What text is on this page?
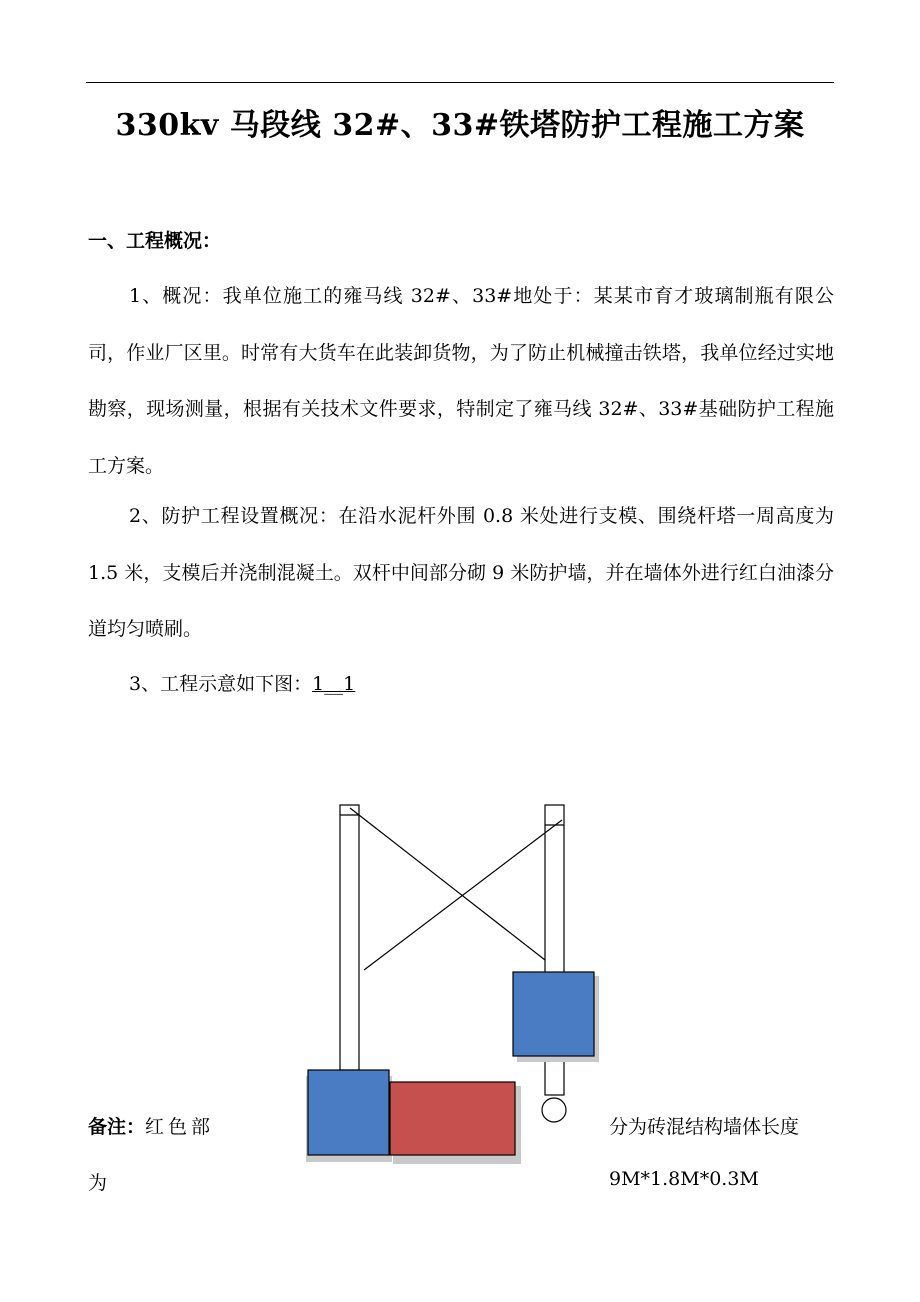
330kv 马段线 32#、33#铁塔防护工程施工方案
一、工程概况：

1、概况：我单位施工的雍马线 32#、33#地处于：某某市育才玻璃制瓶有限公司，作业厂区里。时常有大货车在此装卸货物，为了防止机械撞击铁塔，我单位经过实地勘察，现场测量，根据有关技术文件要求，特制定了雍马线 32#、33#基础防护工程施工方案。

2、防护工程设置概况：在沿水泥杆外围 0.8 米处进行支模、围绕杆塔一周高度为 1.5 米，支模后并浇制混凝土。双杆中间部分砌 9 米防护墙，并在墙体外进行红白油漆分道均匀喷刷。

3、工程示意如下图：1__1

备注：红色部	分为砖混结构墙体长度
为	9M*1.8M*0.3M
